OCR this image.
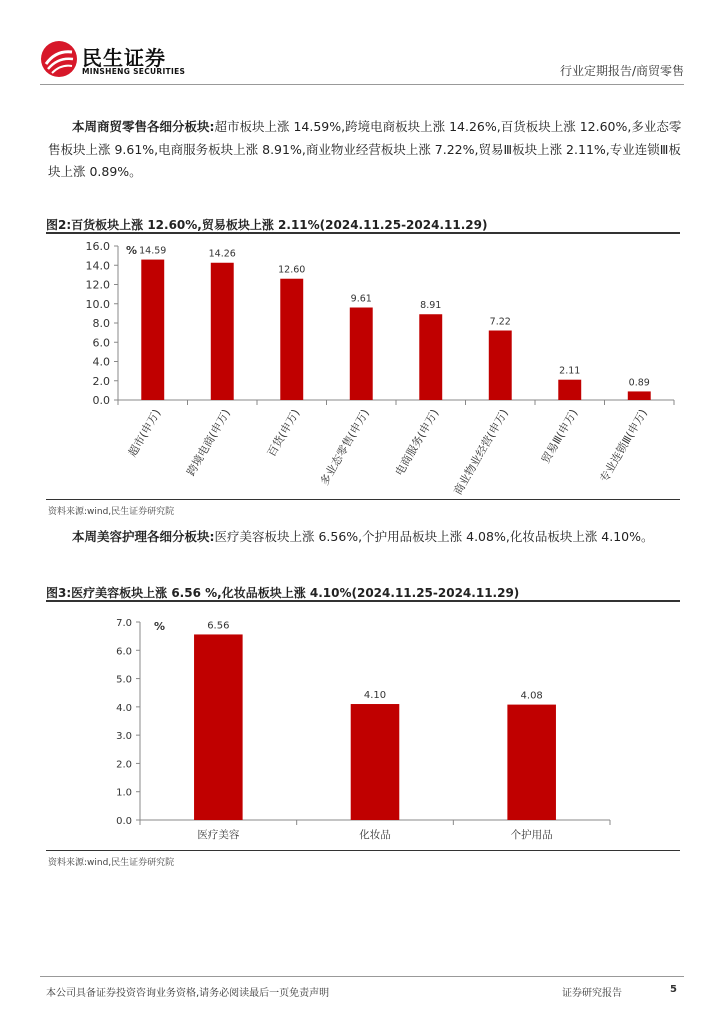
民生证券
MINSHENG SECURITIES	行业定期报告/商贸零售
本周商贸零售各细分板块:超市板块上涨 14.59%,跨境电商板块上涨 14.26%,百货板块上涨 12.60%,多业态零售板块上涨 9.61%,电商服务板块上涨 8.91%,商业物业经营板块上涨 7.22%,贸易Ⅲ板块上涨 2.11%,专业连锁Ⅲ板块上涨 0.89%。
图2:百货板块上涨 12.60%,贸易板块上涨 2.11%(2024.11.25-2024.11.29)
0.0
2.0
4.0
6.0
8.0
10.0
12.0
14.0
16.0 % 14.59
超市(申万)
14.26
跨境电商(申万)
12.60
百货(申万)
9.61
多业态零售(申万)
8.91
电商服务(申万)
7.22
商业物业经营(申万)
2.11
贸易Ⅲ(申万)
0.89
专业连锁Ⅲ(申万)
资料来源:wind,民生证券研究院
本周美容护理各细分板块:医疗美容板块上涨 6.56%,个护用品板块上涨 4.08%,化妆品板块上涨 4.10%。
图3:医疗美容板块上涨 6.56 %,化妆品板块上涨 4.10%(2024.11.25-2024.11.29)
0.0
1.0
2.0
3.0
4.0
5.0
6.0
7.0 %	6.56
医疗美容
4.10
化妆品
4.08
个护用品
资料来源:wind,民生证券研究院
本公司具备证券投资咨询业务资格,请务必阅读最后一页免责声明	证券研究报告	5
